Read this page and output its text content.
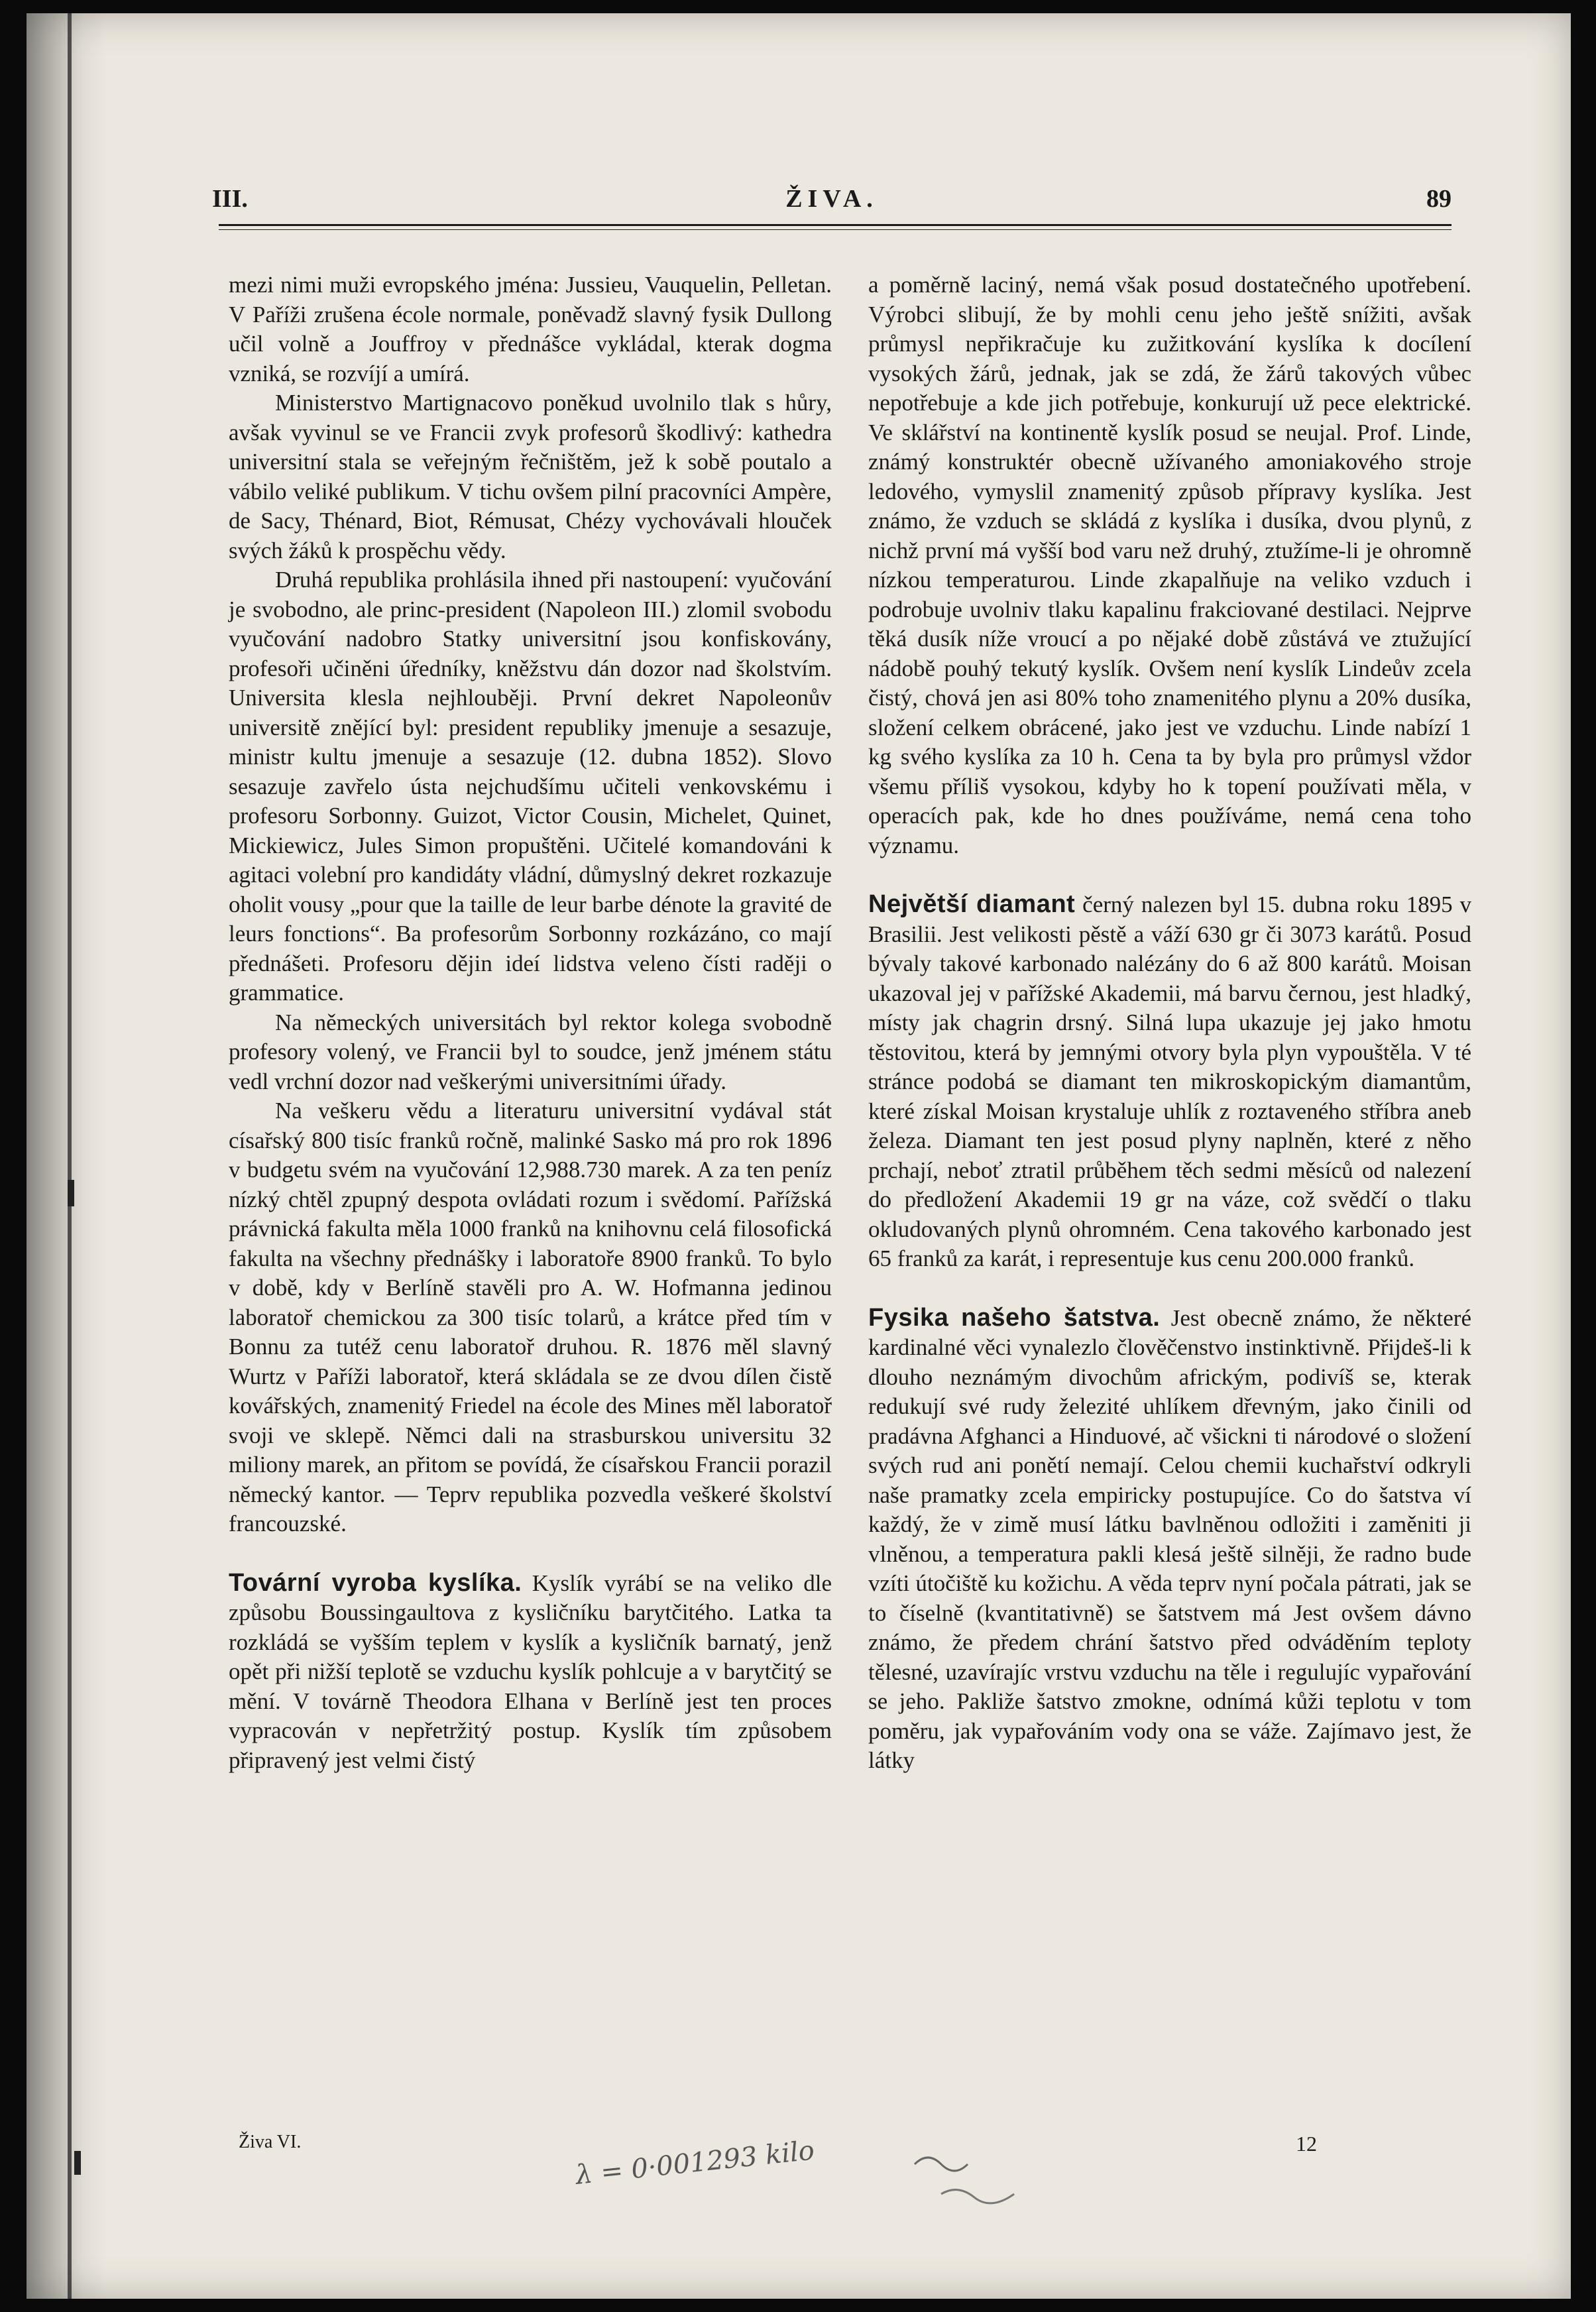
III.	ŽIVA.	89

mezi nimi muži evropského jména: Jussieu, Vauquelin, Pelletan. V Paříži zrušena école normale, poněvadž slavný fysik Dullong učil volně a Jouffroy v přednášce vykládal, kterak dogma vzniká, se rozvíjí a umírá.

Ministerstvo Martignacovo poněkud uvolnilo tlak s hůry, avšak vyvinul se ve Francii zvyk profesorů škodlivý: kathedra universitní stala se veřejným řečništěm, jež k sobě poutalo a vábilo veliké publikum. V tichu ovšem pilní pracovníci Ampère, de Sacy, Thénard, Biot, Rémusat, Chézy vychovávali hlouček svých žáků k prospěchu vědy.

Druhá republika prohlásila ihned při nastoupení: vyučování je svobodno, ale princ-president (Napoleon III.) zlomil svobodu vyučování nadobro Statky universitní jsou konfiskovány, profesoři učiněni úředníky, kněžstvu dán dozor nad školstvím. Universita klesla nejhlouběji. První dekret Napoleonův universitě znějící byl: president republiky jmenuje a sesazuje, ministr kultu jmenuje a sesazuje (12. dubna 1852). Slovo sesazuje zavřelo ústa nejchudšímu učiteli venkovskému i profesoru Sorbonny. Guizot, Victor Cousin, Michelet, Quinet, Mickiewicz, Jules Simon propuštěni. Učitelé komandováni k agitaci volební pro kandidáty vládní, důmyslný dekret rozkazuje oholit vousy „pour que la taille de leur barbe dénote la gravité de leurs fonctions“. Ba profesorům Sorbonny rozkázáno, co mají přednášeti. Profesoru dějin ideí lidstva veleno čísti raději o grammatice.

Na německých universitách byl rektor kolega svobodně profesory volený, ve Francii byl to soudce, jenž jménem státu vedl vrchní dozor nad veškerými universitními úřady.

Na veškeru vědu a literaturu universitní vydával stát císařský 800 tisíc franků ročně, malinké Sasko má pro rok 1896 v budgetu svém na vyučování 12,988.730 marek. A za ten peníz nízký chtěl zpupný despota ovládati rozum i svědomí. Pařížská právnická fakulta měla 1000 franků na knihovnu celá filosofická fakulta na všechny přednášky i laboratoře 8900 franků. To bylo v době, kdy v Berlíně stavěli pro A. W. Hofmanna jedinou laboratoř chemickou za 300 tisíc tolarů, a krátce před tím v Bonnu za tutéž cenu laboratoř druhou. R. 1876 měl slavný Wurtz v Paříži laboratoř, která skládala se ze dvou dílen čistě kovářských, znamenitý Friedel na école des Mines měl laboratoř svoji ve sklepě. Němci dali na strasburskou universitu 32 miliony marek, an přitom se povídá, že císařskou Francii porazil německý kantor. — Teprv republika pozvedla veškeré školství francouzské.

Tovární vyroba kyslíka. Kyslík vyrábí se na veliko dle způsobu Boussingaultova z kysličníku barytčitého. Latka ta rozkládá se vyšším teplem v kyslík a kysličník barnatý, jenž opět při nižší teplotě se vzduchu kyslík pohlcuje a v barytčitý se mění. V továrně Theodora Elhana v Berlíně jest ten proces vypracován v nepřetržitý postup. Kyslík tím způsobem připravený jest velmi čistý

a poměrně laciný, nemá však posud dostatečného upotřebení. Výrobci slibují, že by mohli cenu jeho ještě snížiti, avšak průmysl nepřikračuje ku zužitkování kyslíka k docílení vysokých žárů, jednak, jak se zdá, že žárů takových vůbec nepotřebuje a kde jich potřebuje, konkurují už pece elektrické. Ve sklářství na kontinentě kyslík posud se neujal. Prof. Linde, známý konstruktér obecně užívaného amoniakového stroje ledového, vymyslil znamenitý způsob přípravy kyslíka. Jest známo, že vzduch se skládá z kyslíka i dusíka, dvou plynů, z nichž první má vyšší bod varu než druhý, ztužíme-li je ohromně nízkou temperaturou. Linde zkapalňuje na veliko vzduch i podrobuje uvolniv tlaku kapalinu frakciované destilaci. Nejprve těká dusík níže vroucí a po nějaké době zůstává ve ztužující nádobě pouhý tekutý kyslík. Ovšem není kyslík Lindeův zcela čistý, chová jen asi 80% toho znamenitého plynu a 20% dusíka, složení celkem obrácené, jako jest ve vzduchu. Linde nabízí 1 kg svého kyslíka za 10 h. Cena ta by byla pro průmysl vždor všemu příliš vysokou, kdyby ho k topení používati měla, v operacích pak, kde ho dnes používáme, nemá cena toho významu.

Největší diamant černý nalezen byl 15. dubna roku 1895 v Brasilii. Jest velikosti pěstě a váží 630 gr či 3073 karátů. Posud bývaly takové karbonado nalézány do 6 až 800 karátů. Moisan ukazoval jej v pařížské Akademii, má barvu černou, jest hladký, místy jak chagrin drsný. Silná lupa ukazuje jej jako hmotu těstovitou, která by jemnými otvory byla plyn vypouštěla. V té stránce podobá se diamant ten mikroskopickým diamantům, které získal Moisan krystaluje uhlík z roztaveného stříbra aneb železa. Diamant ten jest posud plyny naplněn, které z něho prchají, neboť ztratil průběhem těch sedmi měsíců od nalezení do předložení Akademii 19 gr na váze, což svědčí o tlaku okludovaných plynů ohromném. Cena takového karbonado jest 65 franků za karát, i representuje kus cenu 200.000 franků.

Fysika našeho šatstva. Jest obecně známo, že některé kardinalné věci vynalezlo člověčenstvo instinktivně. Přijdeš-li k dlouho neznámým divochům africkým, podivíš se, kterak redukují své rudy železité uhlíkem dřevným, jako činili od pradávna Afghanci a Hinduové, ač všickni ti národové o složení svých rud ani ponětí nemají. Celou chemii kuchařství odkryli naše pramatky zcela empiricky postupujíce. Co do šatstva ví každý, že v zimě musí látku bavlněnou odložiti i zaměniti ji vlněnou, a temperatura pakli klesá ještě silněji, že radno bude vzíti útočiště ku kožichu. A věda teprv nyní počala pátrati, jak se to číselně (kvantitativně) se šatstvem má Jest ovšem dávno známo, že předem chrání šatstvo před odváděním teploty tělesné, uzavírajíc vrstvu vzduchu na těle i regulujíc vypařování se jeho. Pakliže šatstvo zmokne, odnímá kůži teplotu v tom poměru, jak vypařováním vody ona se váže. Zajímavo jest, že látky

Živa VI.	12
λ = 0·001293 kilo
